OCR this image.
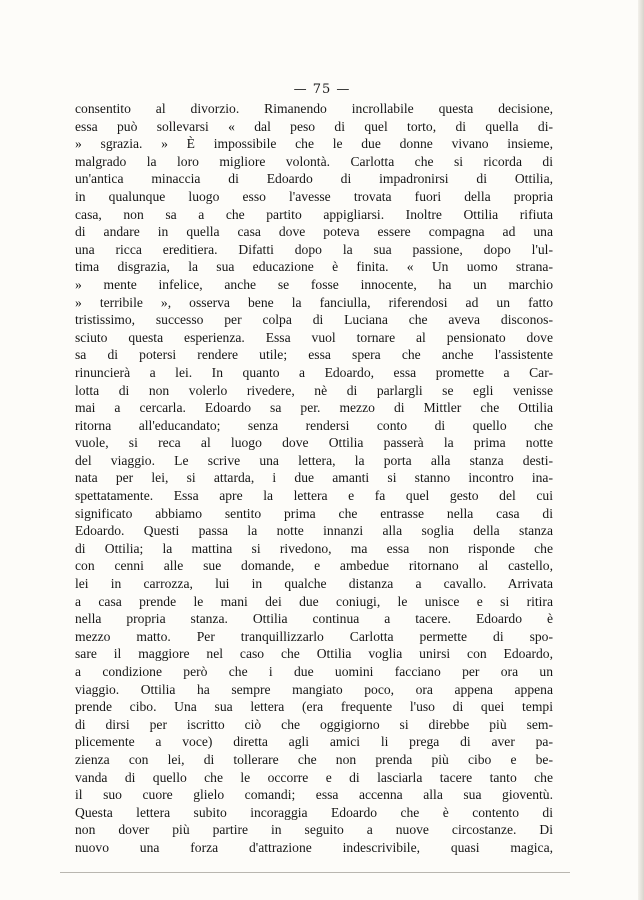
— 75 —
consentito al divorzio. Rimanendo incrollabile questa decisione,
essa può sollevarsi « dal peso di quel torto, di quella di-
» sgrazia. » È impossibile che le due donne vivano insieme,
malgrado la loro migliore volontà. Carlotta che si ricorda di
un'antica minaccia di Edoardo di impadronirsi di Ottilia,
in qualunque luogo esso l'avesse trovata fuori della propria
casa, non sa a che partito appigliarsi. Inoltre Ottilia rifiuta
di andare in quella casa dove poteva essere compagna ad una
una ricca ereditiera. Difatti dopo la sua passione, dopo l'ul-
tima disgrazia, la sua educazione è finita. « Un uomo strana-
» mente infelice, anche se fosse innocente, ha un marchio
» terribile », osserva bene la fanciulla, riferendosi ad un fatto
tristissimo, successo per colpa di Luciana che aveva disconos-
sciuto questa esperienza. Essa vuol tornare al pensionato dove
sa di potersi rendere utile; essa spera che anche l'assistente
rinuncierà a lei. In quanto a Edoardo, essa promette a Car-
lotta di non volerlo rivedere, nè di parlargli se egli venisse
mai a cercarla. Edoardo sa per. mezzo di Mittler che Ottilia
ritorna all'educandato; senza rendersi conto di quello che
vuole, si reca al luogo dove Ottilia passerà la prima notte
del viaggio. Le scrive una lettera, la porta alla stanza desti-
nata per lei, si attarda, i due amanti si stanno incontro ina-
spettatamente. Essa apre la lettera e fa quel gesto del cui
significato abbiamo sentito prima che entrasse nella casa di
Edoardo. Questi passa la notte innanzi alla soglia della stanza
di Ottilia; la mattina si rivedono, ma essa non risponde che
con cenni alle sue domande, e ambedue ritornano al castello,
lei in carrozza, lui in qualche distanza a cavallo. Arrivata
a casa prende le mani dei due coniugi, le unisce e si ritira
nella propria stanza. Ottilia continua a tacere. Edoardo è
mezzo matto. Per tranquillizzarlo Carlotta permette di spo-
sare il maggiore nel caso che Ottilia voglia unirsi con Edoardo,
a condizione però che i due uomini facciano per ora un
viaggio. Ottilia ha sempre mangiato poco, ora appena appena
prende cibo. Una sua lettera (era frequente l'uso di quei tempi
di dirsi per iscritto ciò che oggigiorno si direbbe più sem-
plicemente a voce) diretta agli amici li prega di aver pa-
zienza con lei, di tollerare che non prenda più cibo e be-
vanda di quello che le occorre e di lasciarla tacere tanto che
il suo cuore glielo comandi; essa accenna alla sua gioventù.
Questa lettera subito incoraggia Edoardo che è contento di
non dover più partire in seguito a nuove circostanze. Di
nuovo una forza d'attrazione indescrivibile, quasi magica,
